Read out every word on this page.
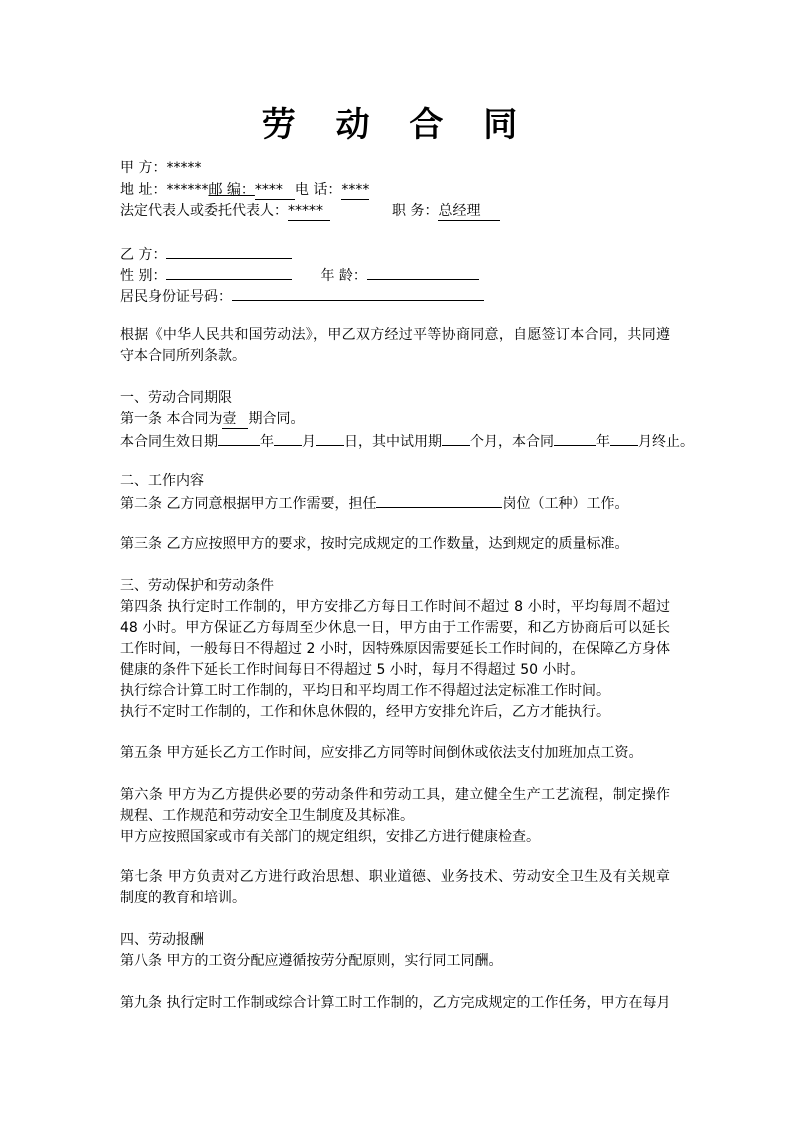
劳 动 合 同
甲 方：*****
地 址：******邮 编：**** 电 话：****
法定代表人或委托代表人：*****	职 务：总经理
乙 方：
性 别：	年 龄：
居民身份证号码：
根据《中华人民共和国劳动法》，甲乙双方经过平等协商同意，自愿签订本合同，共同遵守本合同所列条款。
一、劳动合同期限
第一条 本合同为壹 期合同。
本合同生效日期	年 月 日，其中试用期 个月，本合同	年 月终止。
二、工作内容
第二条 乙方同意根据甲方工作需要，担任	岗位（工种）工作。
第三条 乙方应按照甲方的要求，按时完成规定的工作数量，达到规定的质量标准。
三、劳动保护和劳动条件
第四条 执行定时工作制的，甲方安排乙方每日工作时间不超过 8 小时，平均每周不超过 48 小时。甲方保证乙方每周至少休息一日，甲方由于工作需要，和乙方协商后可以延长工作时间，一般每日不得超过 2 小时，因特殊原因需要延长工作时间的，在保障乙方身体健康的条件下延长工作时间每日不得超过 5 小时，每月不得超过 50 小时。
执行综合计算工时工作制的，平均日和平均周工作不得超过法定标准工作时间。
执行不定时工作制的，工作和休息休假的，经甲方安排允许后，乙方才能执行。
第五条 甲方延长乙方工作时间，应安排乙方同等时间倒休或依法支付加班加点工资。
第六条 甲方为乙方提供必要的劳动条件和劳动工具，建立健全生产工艺流程，制定操作规程、工作规范和劳动安全卫生制度及其标准。
甲方应按照国家或市有关部门的规定组织，安排乙方进行健康检查。
第七条 甲方负责对乙方进行政治思想、职业道德、业务技术、劳动安全卫生及有关规章制度的教育和培训。
四、劳动报酬
第八条 甲方的工资分配应遵循按劳分配原则，实行同工同酬。
第九条 执行定时工作制或综合计算工时工作制的，乙方完成规定的工作任务，甲方在每月
